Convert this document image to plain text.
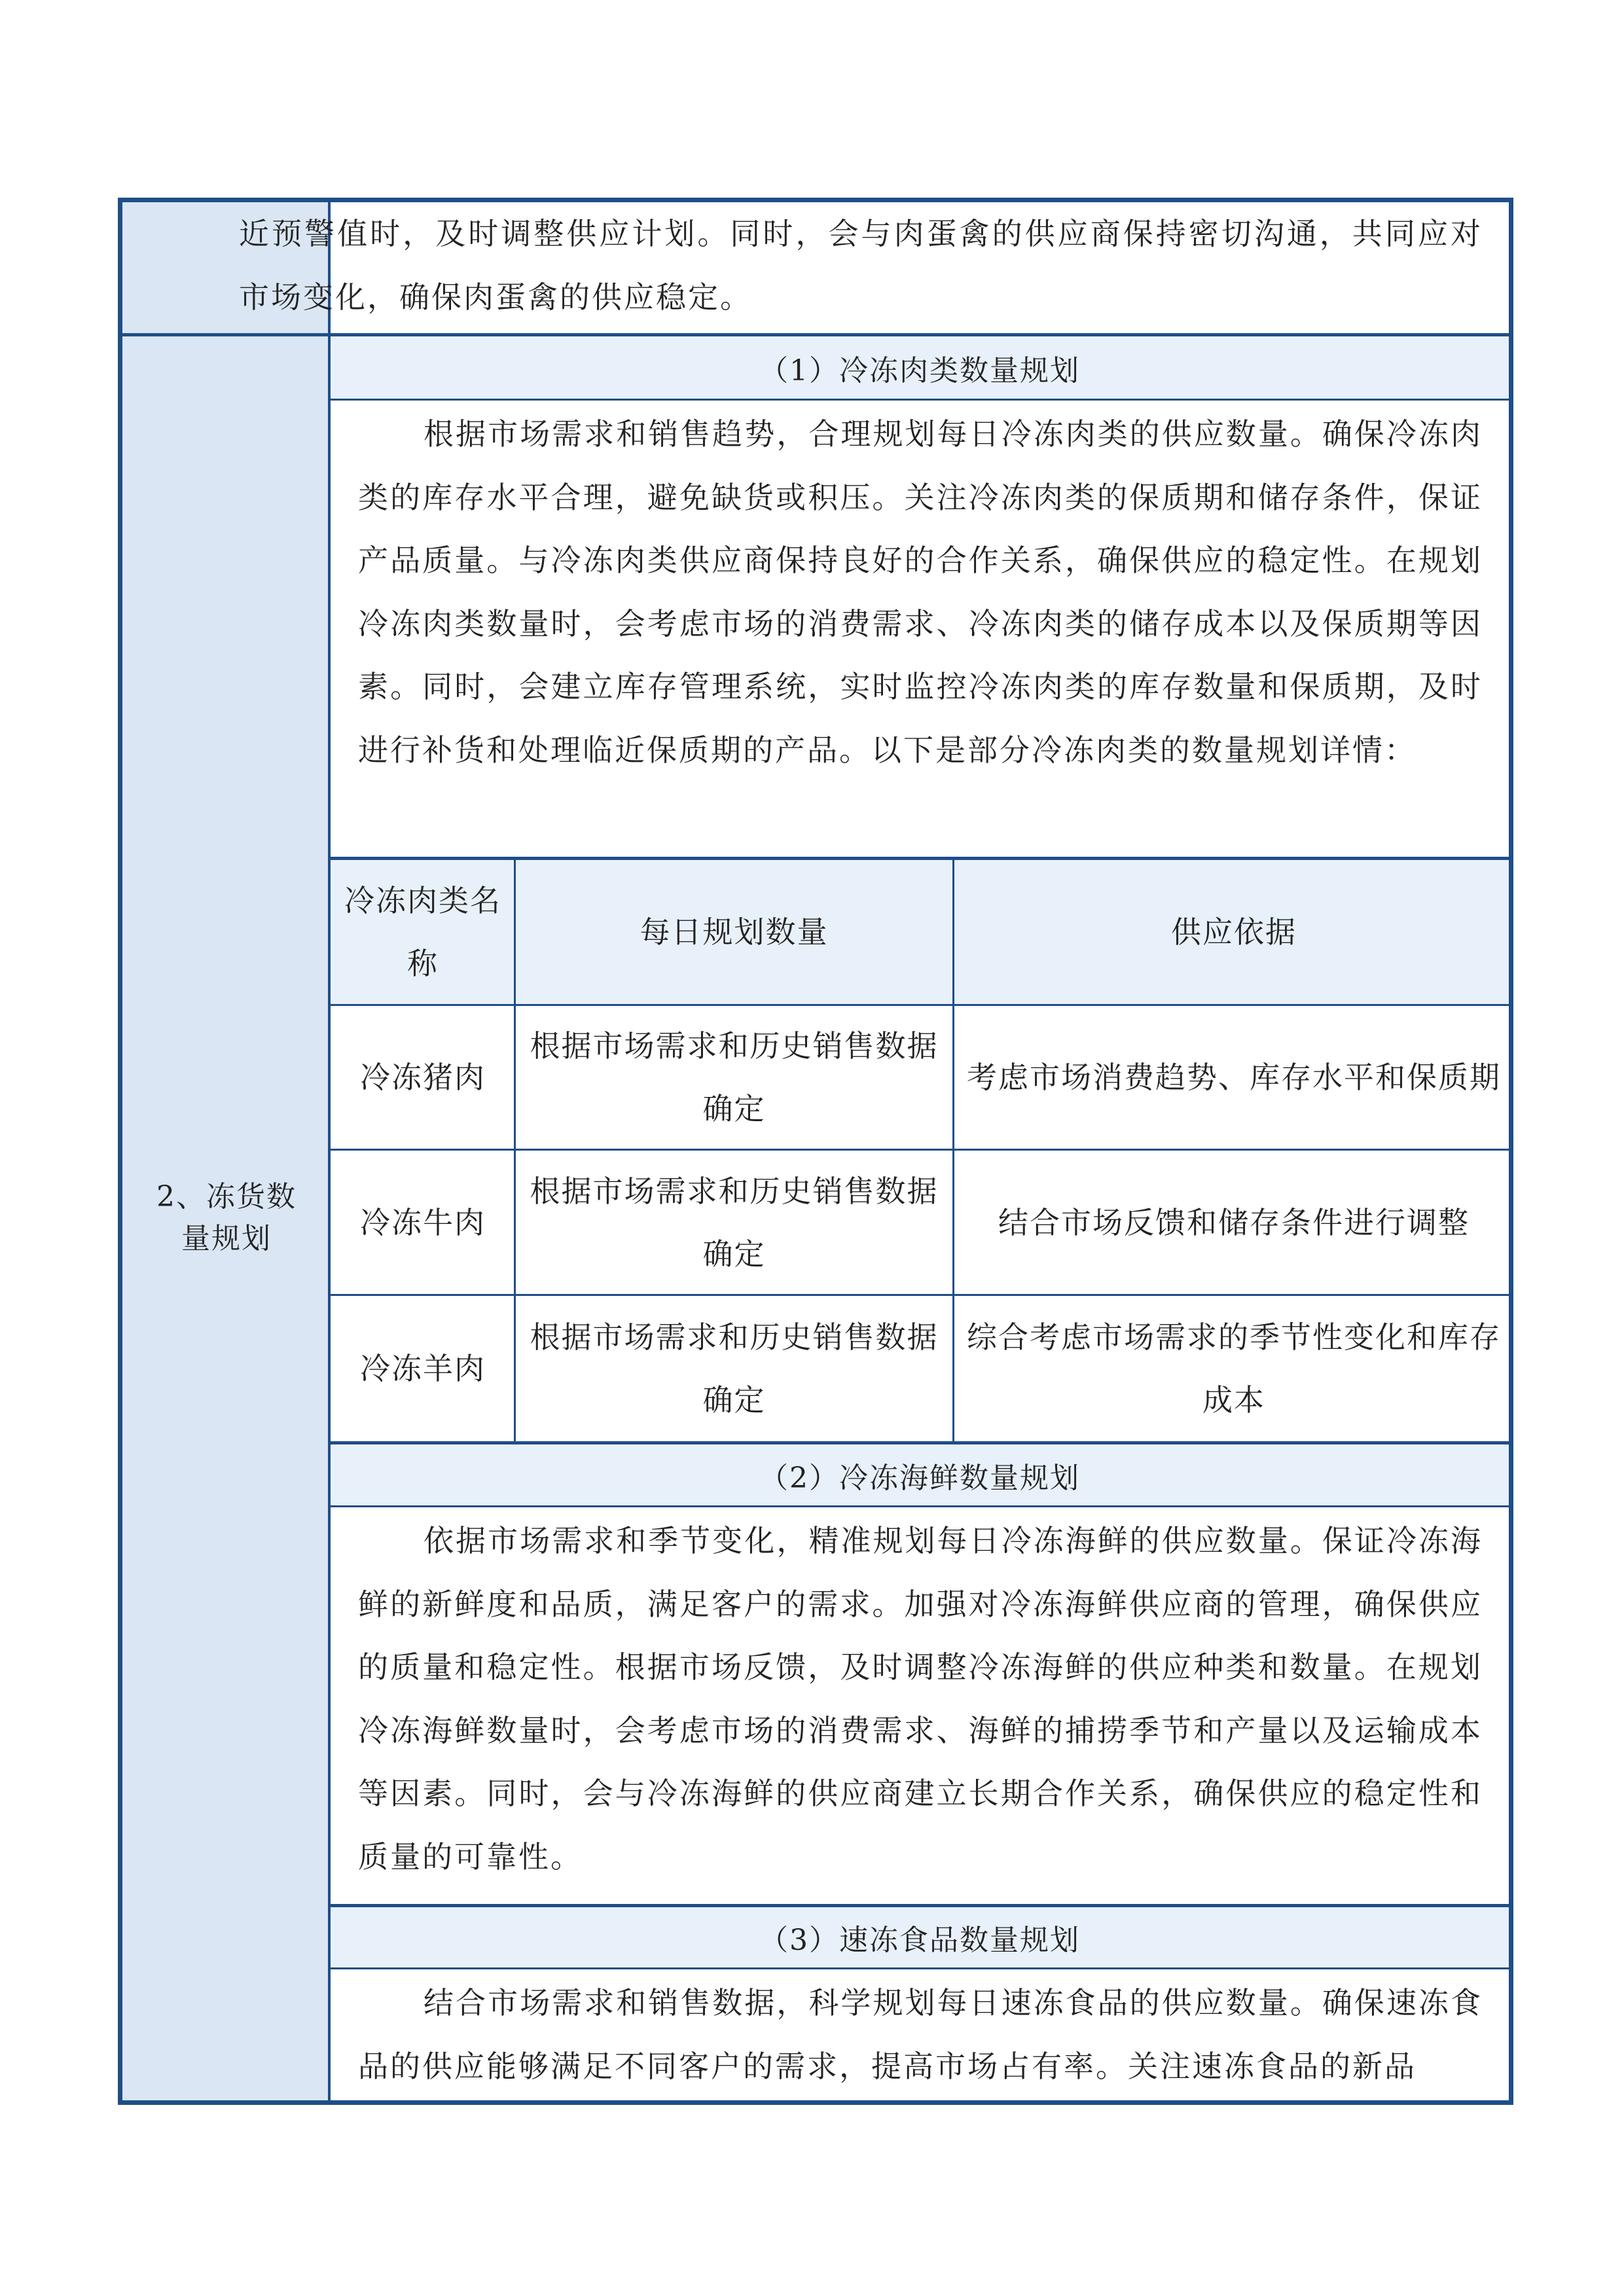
近预警值时，及时调整供应计划。同时，会与肉蛋禽的供应商保持密切沟通，共同应对市场变化，确保肉蛋禽的供应稳定。

2、冻货数
量规划
（1）冷冻肉类数量规划

根据市场需求和销售趋势，合理规划每日冷冻肉类的供应数量。确保冷冻肉类的库存水平合理，避免缺货或积压。关注冷冻肉类的保质期和储存条件，保证产品质量。与冷冻肉类供应商保持良好的合作关系，确保供应的稳定性。在规划冷冻肉类数量时，会考虑市场的消费需求、冷冻肉类的储存成本以及保质期等因素。同时，会建立库存管理系统，实时监控冷冻肉类的库存数量和保质期，及时进行补货和处理临近保质期的产品。以下是部分冷冻肉类的数量规划详情：

冷冻肉类名称
每日规划数量	供应依据
冷冻猪肉
根据市场需求和历史销售数据确定
考虑市场消费趋势、库存水平和保质期
冷冻牛肉
根据市场需求和历史销售数据确定
结合市场反馈和储存条件进行调整
冷冻羊肉
根据市场需求和历史销售数据确定
综合考虑市场需求的季节性变化和库存成本
（2）冷冻海鲜数量规划

依据市场需求和季节变化，精准规划每日冷冻海鲜的供应数量。保证冷冻海鲜的新鲜度和品质，满足客户的需求。加强对冷冻海鲜供应商的管理，确保供应的质量和稳定性。根据市场反馈，及时调整冷冻海鲜的供应种类和数量。在规划冷冻海鲜数量时，会考虑市场的消费需求、海鲜的捕捞季节和产量以及运输成本等因素。同时，会与冷冻海鲜的供应商建立长期合作关系，确保供应的稳定性和质量的可靠性。

（3）速冻食品数量规划

结合市场需求和销售数据，科学规划每日速冻食品的供应数量。确保速冻食品的供应能够满足不同客户的需求，提高市场占有率。关注速冻食品的新品
